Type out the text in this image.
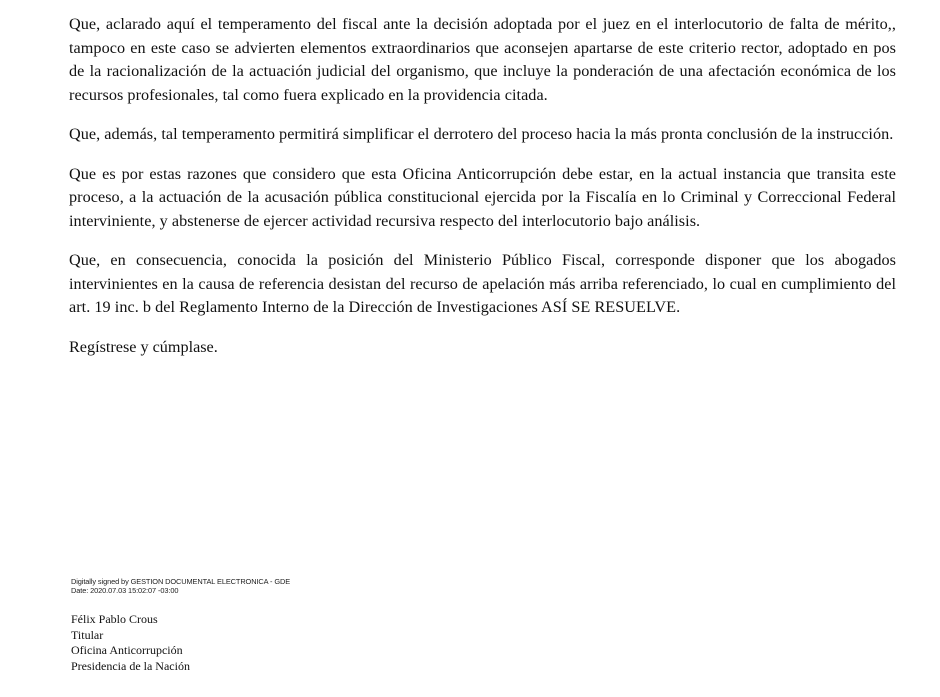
Que, aclarado aquí el temperamento del fiscal ante la decisión adoptada por el juez en el interlocutorio de falta de mérito,, tampoco en este caso se advierten elementos extraordinarios que aconsejen apartarse de este criterio rector, adoptado en pos de la racionalización de la actuación judicial del organismo, que incluye la ponderación de una afectación económica de los recursos profesionales, tal como fuera explicado en la providencia citada.

Que, además, tal temperamento permitirá simplificar el derrotero del proceso hacia la más pronta conclusión de la instrucción.

Que es por estas razones que considero que esta Oficina Anticorrupción debe estar, en la actual instancia que transita este proceso, a la actuación de la acusación pública constitucional ejercida por la Fiscalía en lo Criminal y Correccional Federal interviniente, y abstenerse de ejercer actividad recursiva respecto del interlocutorio bajo análisis.

Que, en consecuencia, conocida la posición del Ministerio Público Fiscal, corresponde disponer que los abogados intervinientes en la causa de referencia desistan del recurso de apelación más arriba referenciado, lo cual en cumplimiento del art. 19 inc. b del Reglamento Interno de la Dirección de Investigaciones ASÍ SE RESUELVE.

Regístrese y cúmplase.

Digitally signed by GESTION DOCUMENTAL ELECTRONICA - GDE
Date: 2020.07.03 15:02:07 -03:00
Félix Pablo Crous
Titular
Oficina Anticorrupción
Presidencia de la Nación
